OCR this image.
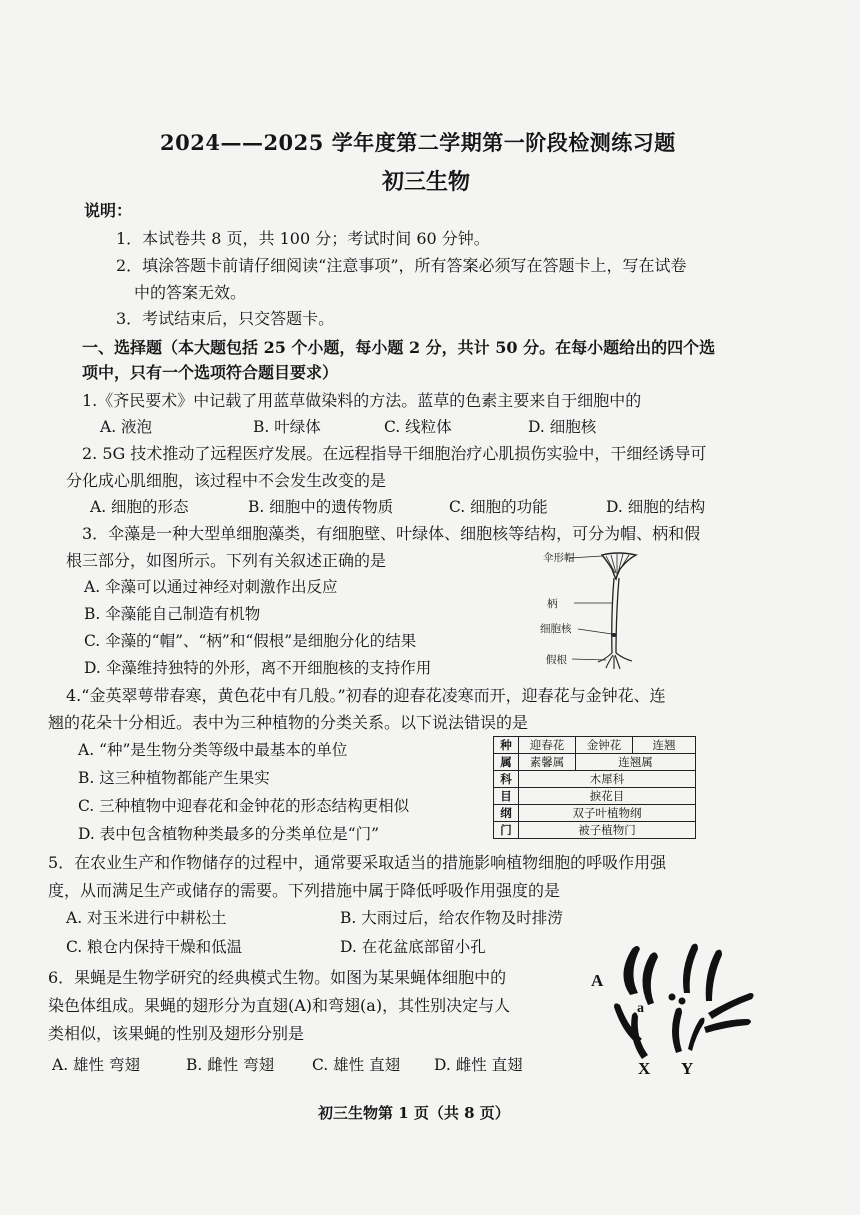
2024——2025 学年度第二学期第一阶段检测练习题
初三生物
说明：
1．本试卷共 8 页，共 100 分；考试时间 60 分钟。
2．填涂答题卡前请仔细阅读“注意事项”，所有答案必须写在答题卡上，写在试卷
中的答案无效。
3．考试结束后，只交答题卡。
一、选择题（本大题包括 25 个小题，每小题 2 分，共计 50 分。在每小题给出的四个选
项中，只有一个选项符合题目要求）
1.《齐民要术》中记载了用蓝草做染料的方法。蓝草的色素主要来自于细胞中的
A. 液泡	B. 叶绿体	C. 线粒体	D. 细胞核
2. 5G 技术推动了远程医疗发展。在远程指导干细胞治疗心肌损伤实验中，干细经诱导可
分化成心肌细胞，该过程中不会发生改变的是
A. 细胞的形态	B. 细胞中的遗传物质	C. 细胞的功能	D. 细胞的结构
3．伞藻是一种大型单细胞藻类，有细胞壁、叶绿体、细胞核等结构，可分为帽、柄和假
根三部分，如图所示。下列有关叙述正确的是
A. 伞藻可以通过神经对刺激作出反应
B. 伞藻能自己制造有机物
C. 伞藻的“帽”、“柄”和“假根”是细胞分化的结果
D. 伞藻维持独特的外形，离不开细胞核的支持作用
伞形帽
柄
细胞核
假根
4.“金英翠萼带春寒，黄色花中有几般。”初春的迎春花凌寒而开，迎春花与金钟花、连
翘的花朵十分相近。表中为三种植物的分类关系。以下说法错误的是
A. “种”是生物分类等级中最基本的单位
B. 这三种植物都能产生果实
C. 三种植物中迎春花和金钟花的形态结构更相似
D. 表中包含植物种类最多的分类单位是“门”
种	迎春花	金钟花	连翘
属	素馨属	连翘属	
科	木犀科		
目	捩花目		
纲	双子叶植物纲		
门	被子植物门		
5．在农业生产和作物储存的过程中，通常要采取适当的措施影响植物细胞的呼吸作用强
度，从而满足生产或储存的需要。下列措施中属于降低呼吸作用强度的是
A. 对玉米进行中耕松土	B. 大雨过后，给农作物及时排涝
C. 粮仓内保持干燥和低温	D. 在花盆底部留小孔
6．果蝇是生物学研究的经典模式生物。如图为某果蝇体细胞中的
染色体组成。果蝇的翅形分为直翅(A)和弯翅(a)，其性别决定与人
类相似，该果蝇的性别及翅形分别是
A. 雄性 弯翅	B. 雌性 弯翅 C. 雄性 直翅 D. 雌性 直翅
A
a
X Y
初三生物第 1 页（共 8 页）
